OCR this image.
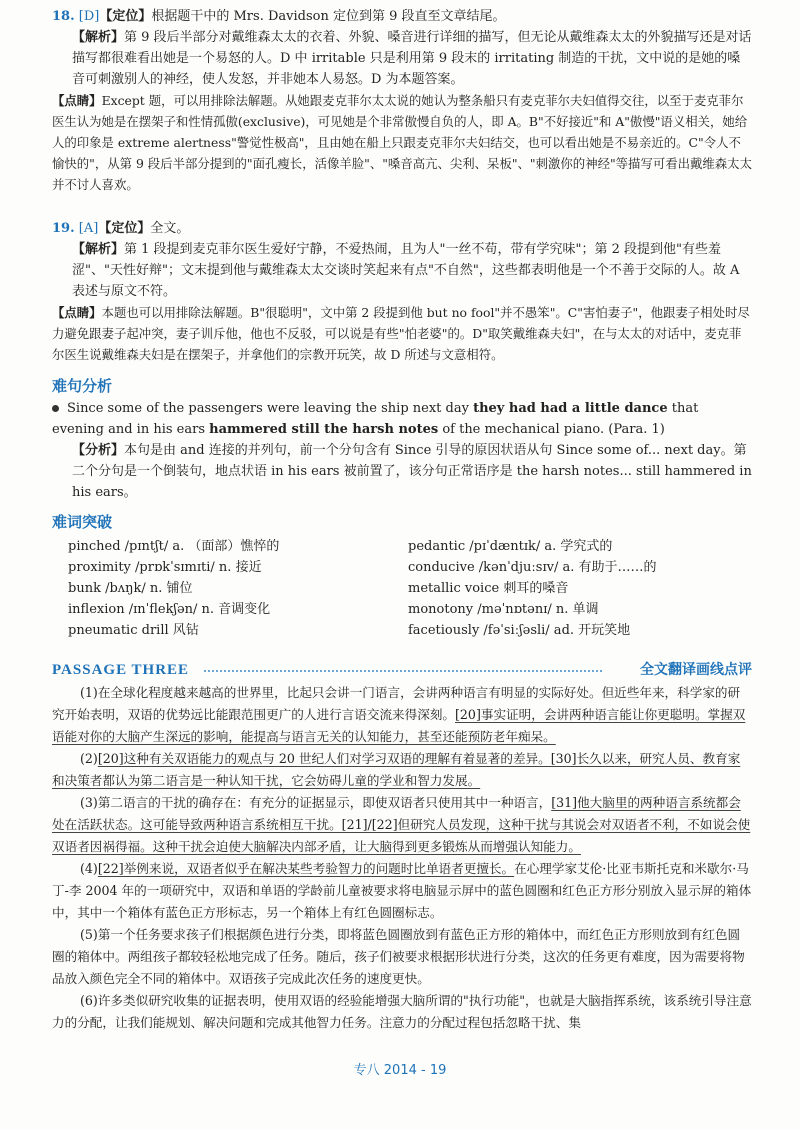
18. [D]【定位】根据题干中的 Mrs. Davidson 定位到第 9 段直至文章结尾。
【解析】第 9 段后半部分对戴维森太太的衣着、外貌、嗓音进行详细的描写，但无论从戴维森太太的外貌描写还是对话描写都很难看出她是一个易怒的人。D 中 irritable 只是利用第 9 段末的 irritating 制造的干扰，文中说的是她的嗓音可刺激别人的神经，使人发怒，并非她本人易怒。D 为本题答案。
【点睛】Except 题，可以用排除法解题。从她跟麦克菲尔太太说的她认为整条船只有麦克菲尔夫妇值得交往，以至于麦克菲尔医生认为她是在摆架子和性情孤傲(exclusive)，可见她是个非常傲慢自负的人，即 A。B"不好接近"和 A"傲慢"语义相关，她给人的印象是 extreme alertness"警觉性极高"，且由她在船上只跟麦克菲尔夫妇结交，也可以看出她是不易亲近的。C"令人不愉快的"，从第 9 段后半部分提到的"面孔瘦长，活像羊脸"、"嗓音高亢、尖利、呆板"、"刺激你的神经"等描写可看出戴维森太太并不讨人喜欢。
19. [A]【定位】全文。
【解析】第 1 段提到麦克菲尔医生爱好宁静，不爱热闹，且为人"一丝不苟，带有学究味"；第 2 段提到他"有些羞涩"、"天性好辩"；文末提到他与戴维森太太交谈时笑起来有点"不自然"，这些都表明他是一个不善于交际的人。故 A 表述与原文不符。
【点睛】本题也可以用排除法解题。B"很聪明"，文中第 2 段提到他 but no fool"并不愚笨"。C"害怕妻子"，他跟妻子相处时尽力避免跟妻子起冲突，妻子训斥他，他也不反驳，可以说是有些"怕老婆"的。D"取笑戴维森夫妇"，在与太太的对话中，麦克菲尔医生说戴维森夫妇是在摆架子，并拿他们的宗教开玩笑，故 D 所述与文意相符。
难句分析
Since some of the passengers were leaving the ship next day they had had a little dance that evening and in his ears hammered still the harsh notes of the mechanical piano. (Para. 1)
【分析】本句是由 and 连接的并列句，前一个分句含有 Since 引导的原因状语从句 Since some of... next day。第二个分句是一个倒装句，地点状语 in his ears 被前置了，该分句正常语序是 the harsh notes... still hammered in his ears。
难词突破
pinched /pɪntʃt/ a. （面部）憔悴的	pedantic /pɪˈdæntɪk/ a. 学究式的
proximity /prɒkˈsɪmɪti/ n. 接近	conducive /kənˈdjuːsɪv/ a. 有助于……的
bunk /bʌŋk/ n. 铺位	metallic voice 刺耳的嗓音
inflexion /ɪnˈflekʃən/ n. 音调变化	monotony /məˈnɒtənɪ/ n. 单调
pneumatic drill 风钻	facetiously /fəˈsiːʃəsli/ ad. 开玩笑地
PASSAGE THREE	全文翻译画线点评
(1)在全球化程度越来越高的世界里，比起只会讲一门语言，会讲两种语言有明显的实际好处。但近些年来，科学家的研究开始表明，双语的优势远比能跟范围更广的人进行言语交流来得深刻。[20]事实证明，会讲两种语言能让你更聪明。掌握双语能对你的大脑产生深远的影响，能提高与语言无关的认知能力，甚至还能预防老年痴呆。
(2)[20]这种有关双语能力的观点与 20 世纪人们对学习双语的理解有着显著的差异。[30]长久以来，研究人员、教育家和决策者都认为第二语言是一种认知干扰，它会妨碍儿童的学业和智力发展。
(3)第二语言的干扰的确存在：有充分的证据显示，即使双语者只使用其中一种语言，[31]他大脑里的两种语言系统都会处在活跃状态。这可能导致两种语言系统相互干扰。[21]/[22]但研究人员发现，这种干扰与其说会对双语者不利，不如说会使双语者因祸得福。这种干扰会迫使大脑解决内部矛盾，让大脑得到更多锻炼从而增强认知能力。
(4)[22]举例来说，双语者似乎在解决某些考验智力的问题时比单语者更擅长。在心理学家艾伦·比亚韦斯托克和米歇尔·马丁-李 2004 年的一项研究中，双语和单语的学龄前儿童被要求将电脑显示屏中的蓝色圆圈和红色正方形分别放入显示屏的箱体中，其中一个箱体有蓝色正方形标志，另一个箱体上有红色圆圈标志。
(5)第一个任务要求孩子们根据颜色进行分类，即将蓝色圆圈放到有蓝色正方形的箱体中，而红色正方形则放到有红色圆圈的箱体中。两组孩子都较轻松地完成了任务。随后，孩子们被要求根据形状进行分类，这次的任务更有难度，因为需要将物品放入颜色完全不同的箱体中。双语孩子完成此次任务的速度更快。
(6)许多类似研究收集的证据表明，使用双语的经验能增强大脑所谓的"执行功能"，也就是大脑指挥系统，该系统引导注意力的分配，让我们能规划、解决问题和完成其他智力任务。注意力的分配过程包括忽略干扰、集
专八 2014 - 19
